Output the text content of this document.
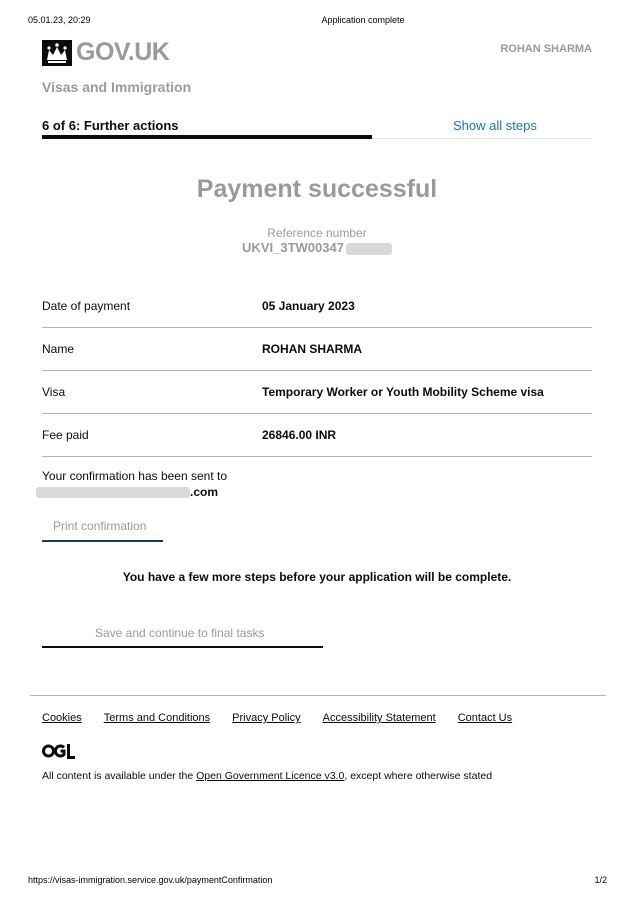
05.01.23, 20:29	Application complete
GOV.UK	ROHAN SHARMA
Visas and Immigration
6 of 6: Further actions	Show all steps
Payment successful
Reference number
UKVI_3TW00347
Date of payment	05 January 2023
Name	ROHAN SHARMA
Visa	Temporary Worker or Youth Mobility Scheme visa
Fee paid	26846.00 INR
Your confirmation has been sent to
.com
Print confirmation
You have a few more steps before your application will be complete.
Save and continue to final tasks
Cookies Terms and Conditions Privacy Policy Accessibility Statement Contact Us
All content is available under the Open Government Licence v3.0, except where otherwise stated
https://visas-immigration.service.gov.uk/paymentConfirmation	1/2
